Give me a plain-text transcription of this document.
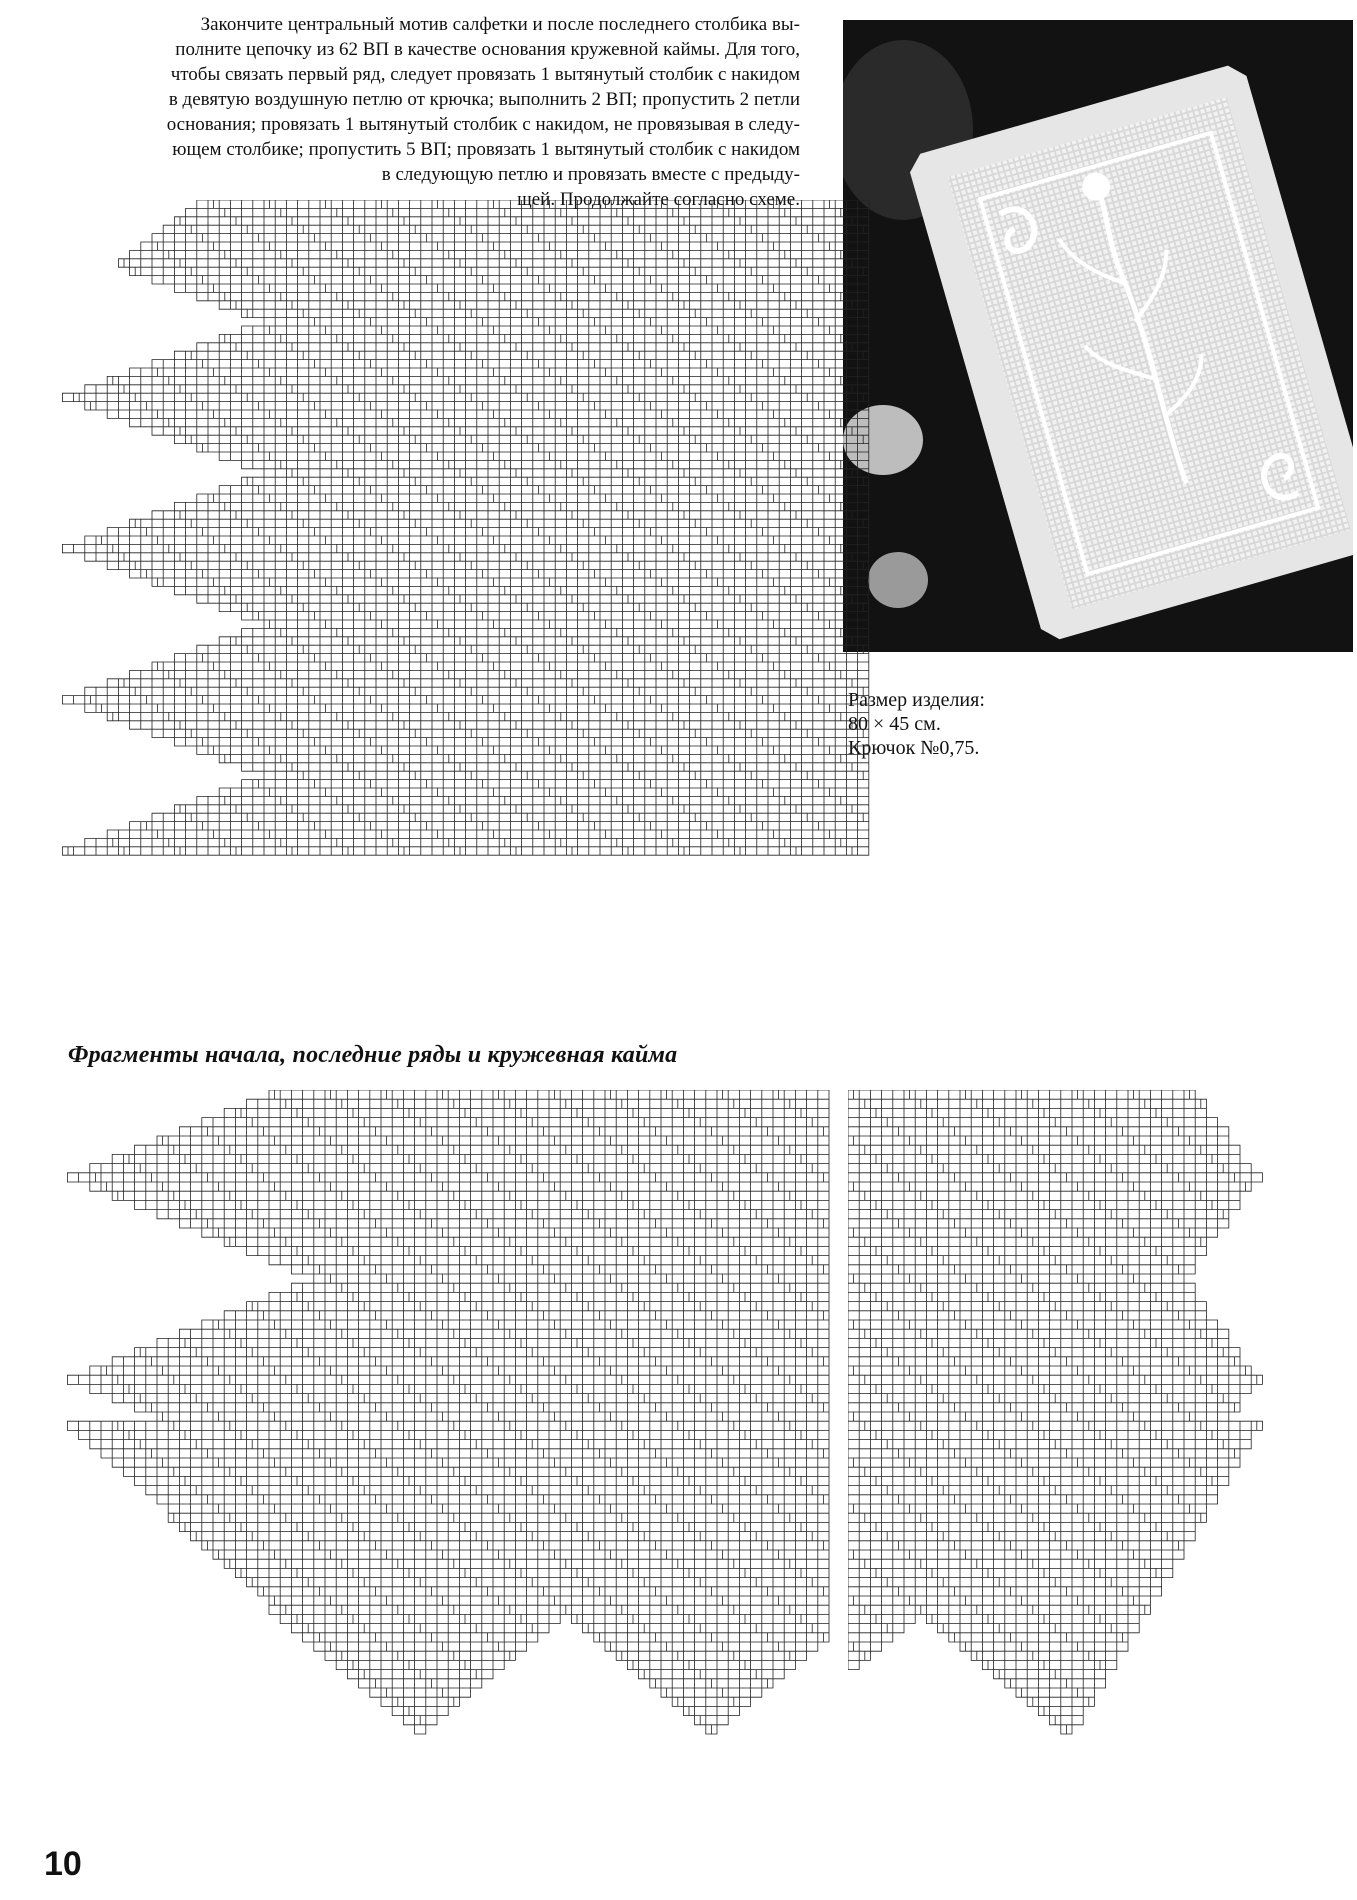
Закончите центральный мотив салфетки и после последнего столбика вы-
полните цепочку из 62 ВП в качестве основания кружевной каймы. Для того,
чтобы связать первый ряд, следует провязать 1 вытянутый столбик с накидом
в девятую воздушную петлю от крючка; выполнить 2 ВП; пропустить 2 петли
основания; провязать 1 вытянутый столбик с накидом, не провязывая в следу-
ющем столбике; пропустить 5 ВП; провязать 1 вытянутый столбик с накидом
в следующую петлю и провязать вместе с предыду-
щей. Продолжайте согласно схеме.

Размер изделия:
80 × 45 см.
Крючок №0,75.

Фрагменты начала, последние ряды и кружевная кайма
10
